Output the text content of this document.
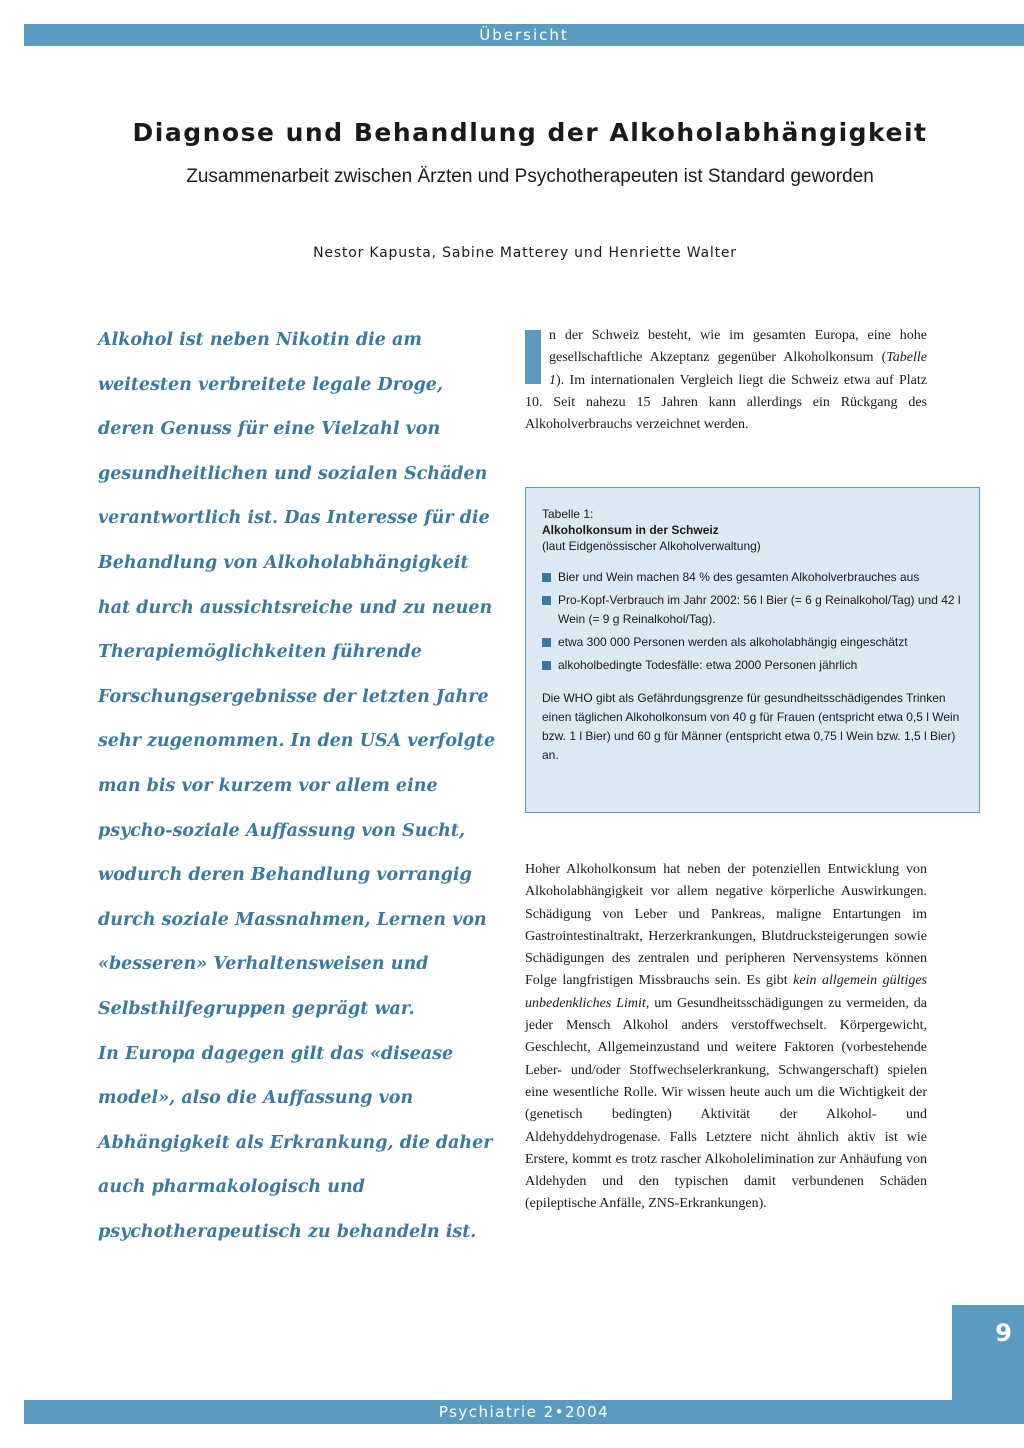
Übersicht
Diagnose und Behandlung der Alkoholabhängigkeit
Zusammenarbeit zwischen Ärzten und Psychotherapeuten ist Standard geworden
Nestor Kapusta, Sabine Matterey und Henriette Walter

Alkohol ist neben Nikotin die am weitesten verbreitete legale Droge, deren Genuss für eine Vielzahl von gesundheitlichen und sozialen Schäden verantwortlich ist. Das Interesse für die Behandlung von Alkoholabhängigkeit hat durch aussichtsreiche und zu neuen Therapiemöglichkeiten führende Forschungsergebnisse der letzten Jahre sehr zugenommen. In den USA verfolgte man bis vor kurzem vor allem eine psycho-soziale Auffassung von Sucht, wodurch deren Behandlung vorrangig durch soziale Massnahmen, Lernen von «besseren» Verhaltensweisen und Selbsthilfegruppen geprägt war.

In Europa dagegen gilt das «disease model», also die Auffassung von Abhängigkeit als Erkrankung, die daher auch pharmakologisch und psychotherapeutisch zu behandeln ist.

n der Schweiz besteht, wie im gesamten Europa, eine hohe gesellschaftliche Akzeptanz gegenüber Alkoholkonsum (Tabelle 1). Im internationalen Vergleich liegt die Schweiz etwa auf Platz 10. Seit nahezu 15 Jahren kann allerdings ein Rückgang des Alkoholverbrauchs verzeichnet werden.
Tabelle 1:
Alkoholkonsum in der Schweiz
(laut Eidgenössischer Alkoholverwaltung)
Bier und Wein machen 84 % des gesamten Alkoholverbrauches aus
Pro-Kopf-Verbrauch im Jahr 2002: 56 l Bier (= 6 g Reinalkohol/Tag) und 42 l Wein (= 9 g Reinalkohol/Tag).
etwa 300 000 Personen werden als alkoholabhängig eingeschätzt
alkoholbedingte Todesfälle: etwa 2000 Personen jährlich
Die WHO gibt als Gefährdungsgrenze für gesundheitsschädigendes Trinken einen täglichen Alkoholkonsum von 40 g für Frauen (entspricht etwa 0,5 l Wein bzw. 1 l Bier) und 60 g für Männer (entspricht etwa 0,75 l Wein bzw. 1,5 l Bier) an.
Hoher Alkoholkonsum hat neben der potenziellen Entwicklung von Alkoholabhängigkeit vor allem negative körperliche Auswirkungen. Schädigung von Leber und Pankreas, maligne Entartungen im Gastrointestinaltrakt, Herzerkrankungen, Blutdrucksteigerungen sowie Schädigungen des zentralen und peripheren Nervensystems können Folge langfristigen Missbrauchs sein. Es gibt kein allgemein gültiges unbedenkliches Limit, um Gesundheitsschädigungen zu vermeiden, da jeder Mensch Alkohol anders verstoffwechselt. Körpergewicht, Geschlecht, Allgemeinzustand und weitere Faktoren (vorbestehende Leber- und/oder Stoffwechselerkrankung, Schwangerschaft) spielen eine wesentliche Rolle. Wir wissen heute auch um die Wichtigkeit der (genetisch bedingten) Aktivität der Alkohol- und Aldehyddehydrogenase. Falls Letztere nicht ähnlich aktiv ist wie Erstere, kommt es trotz rascher Alkoholelimination zur Anhäufung von Aldehyden und den typischen damit verbundenen Schäden (epileptische Anfälle, ZNS-Erkrankungen).
9
Psychiatrie 2•2004
